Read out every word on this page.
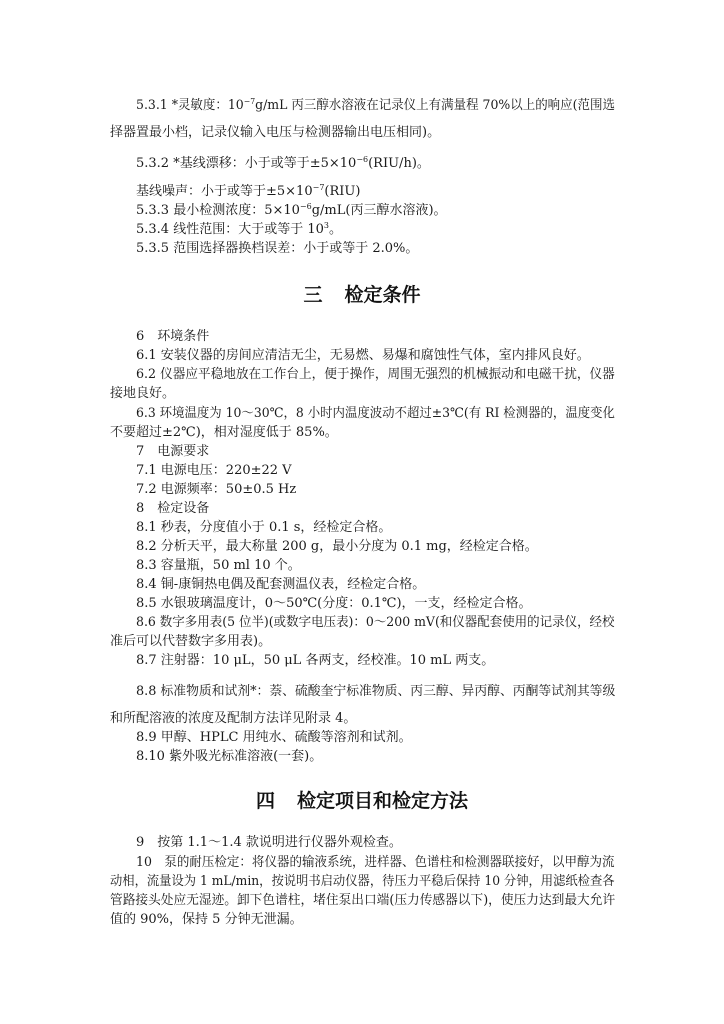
5.3.1 *灵敏度：$10^{-7}g/mL$ 丙三醇水溶液在记录仪上有满量程 70%以上的响应(范围选
择器置最小档，记录仪输入电压与检测器输出电压相同)。
5.3.2 *基线漂移：小于或等于$\pm 5\times 10^{-6}(RIU/h)$。
基线噪声：小于或等于$\pm 5\times 10^{-7}(RIU)$
5.3.3 最小检测浓度：$5\times 10^{-6}g/mL$(丙三醇水溶液)。
5.3.4 线性范围：大于或等于 $10^3$。
5.3.5 范围选择器换档误差：小于或等于 2.0%。
三 检定条件
6　环境条件
6.1 安装仪器的房间应清洁无尘，无易燃、易爆和腐蚀性气体，室内排风良好。
6.2 仪器应平稳地放在工作台上，便于操作，周围无强烈的机械振动和电磁干扰，仪器
接地良好。
6.3 环境温度为 10～30℃，8 小时内温度波动不超过±3℃(有 RI 检测器的，温度变化
不要超过±2℃)，相对湿度低于 85%。
7　电源要求
7.1 电源电压：220±22 V
7.2 电源频率：50±0.5 Hz
8　检定设备
8.1 秒表，分度值小于 0.1 s，经检定合格。
8.2 分析天平，最大称量 200 g，最小分度为 0.1 mg，经检定合格。
8.3 容量瓶，50 ml 10 个。
8.4 铜-康铜热电偶及配套测温仪表，经检定合格。
8.5 水银玻璃温度计，0～50℃(分度：0.1℃)，一支，经检定合格。
8.6 数字多用表(5 位半)(或数字电压表)：0～200 mV(和仪器配套使用的记录仪，经校
准后可以代替数字多用表)。
8.7 注射器：10 μL，50 μL 各两支，经校准。10 mL 两支。
8.8 标准物质和试剂*：萘、硫酸奎宁标准物质、丙三醇、异丙醇、丙酮等试剂其等级
和所配溶液的浓度及配制方法详见附录 4。
8.9 甲醇、HPLC 用纯水、硫酸等溶剂和试剂。
8.10 紫外吸光标准溶液(一套)。
四 检定项目和检定方法
9　按第 1.1～1.4 款说明进行仪器外观检查。
10　泵的耐压检定：将仪器的输液系统，进样器、色谱柱和检测器联接好，以甲醇为流
动相，流量设为 1 mL/min，按说明书启动仪器，待压力平稳后保持 10 分钟，用滤纸检查各
管路接头处应无湿迹。卸下色谱柱，堵住泵出口端(压力传感器以下)，使压力达到最大允许
值的 90%，保持 5 分钟无泄漏。
